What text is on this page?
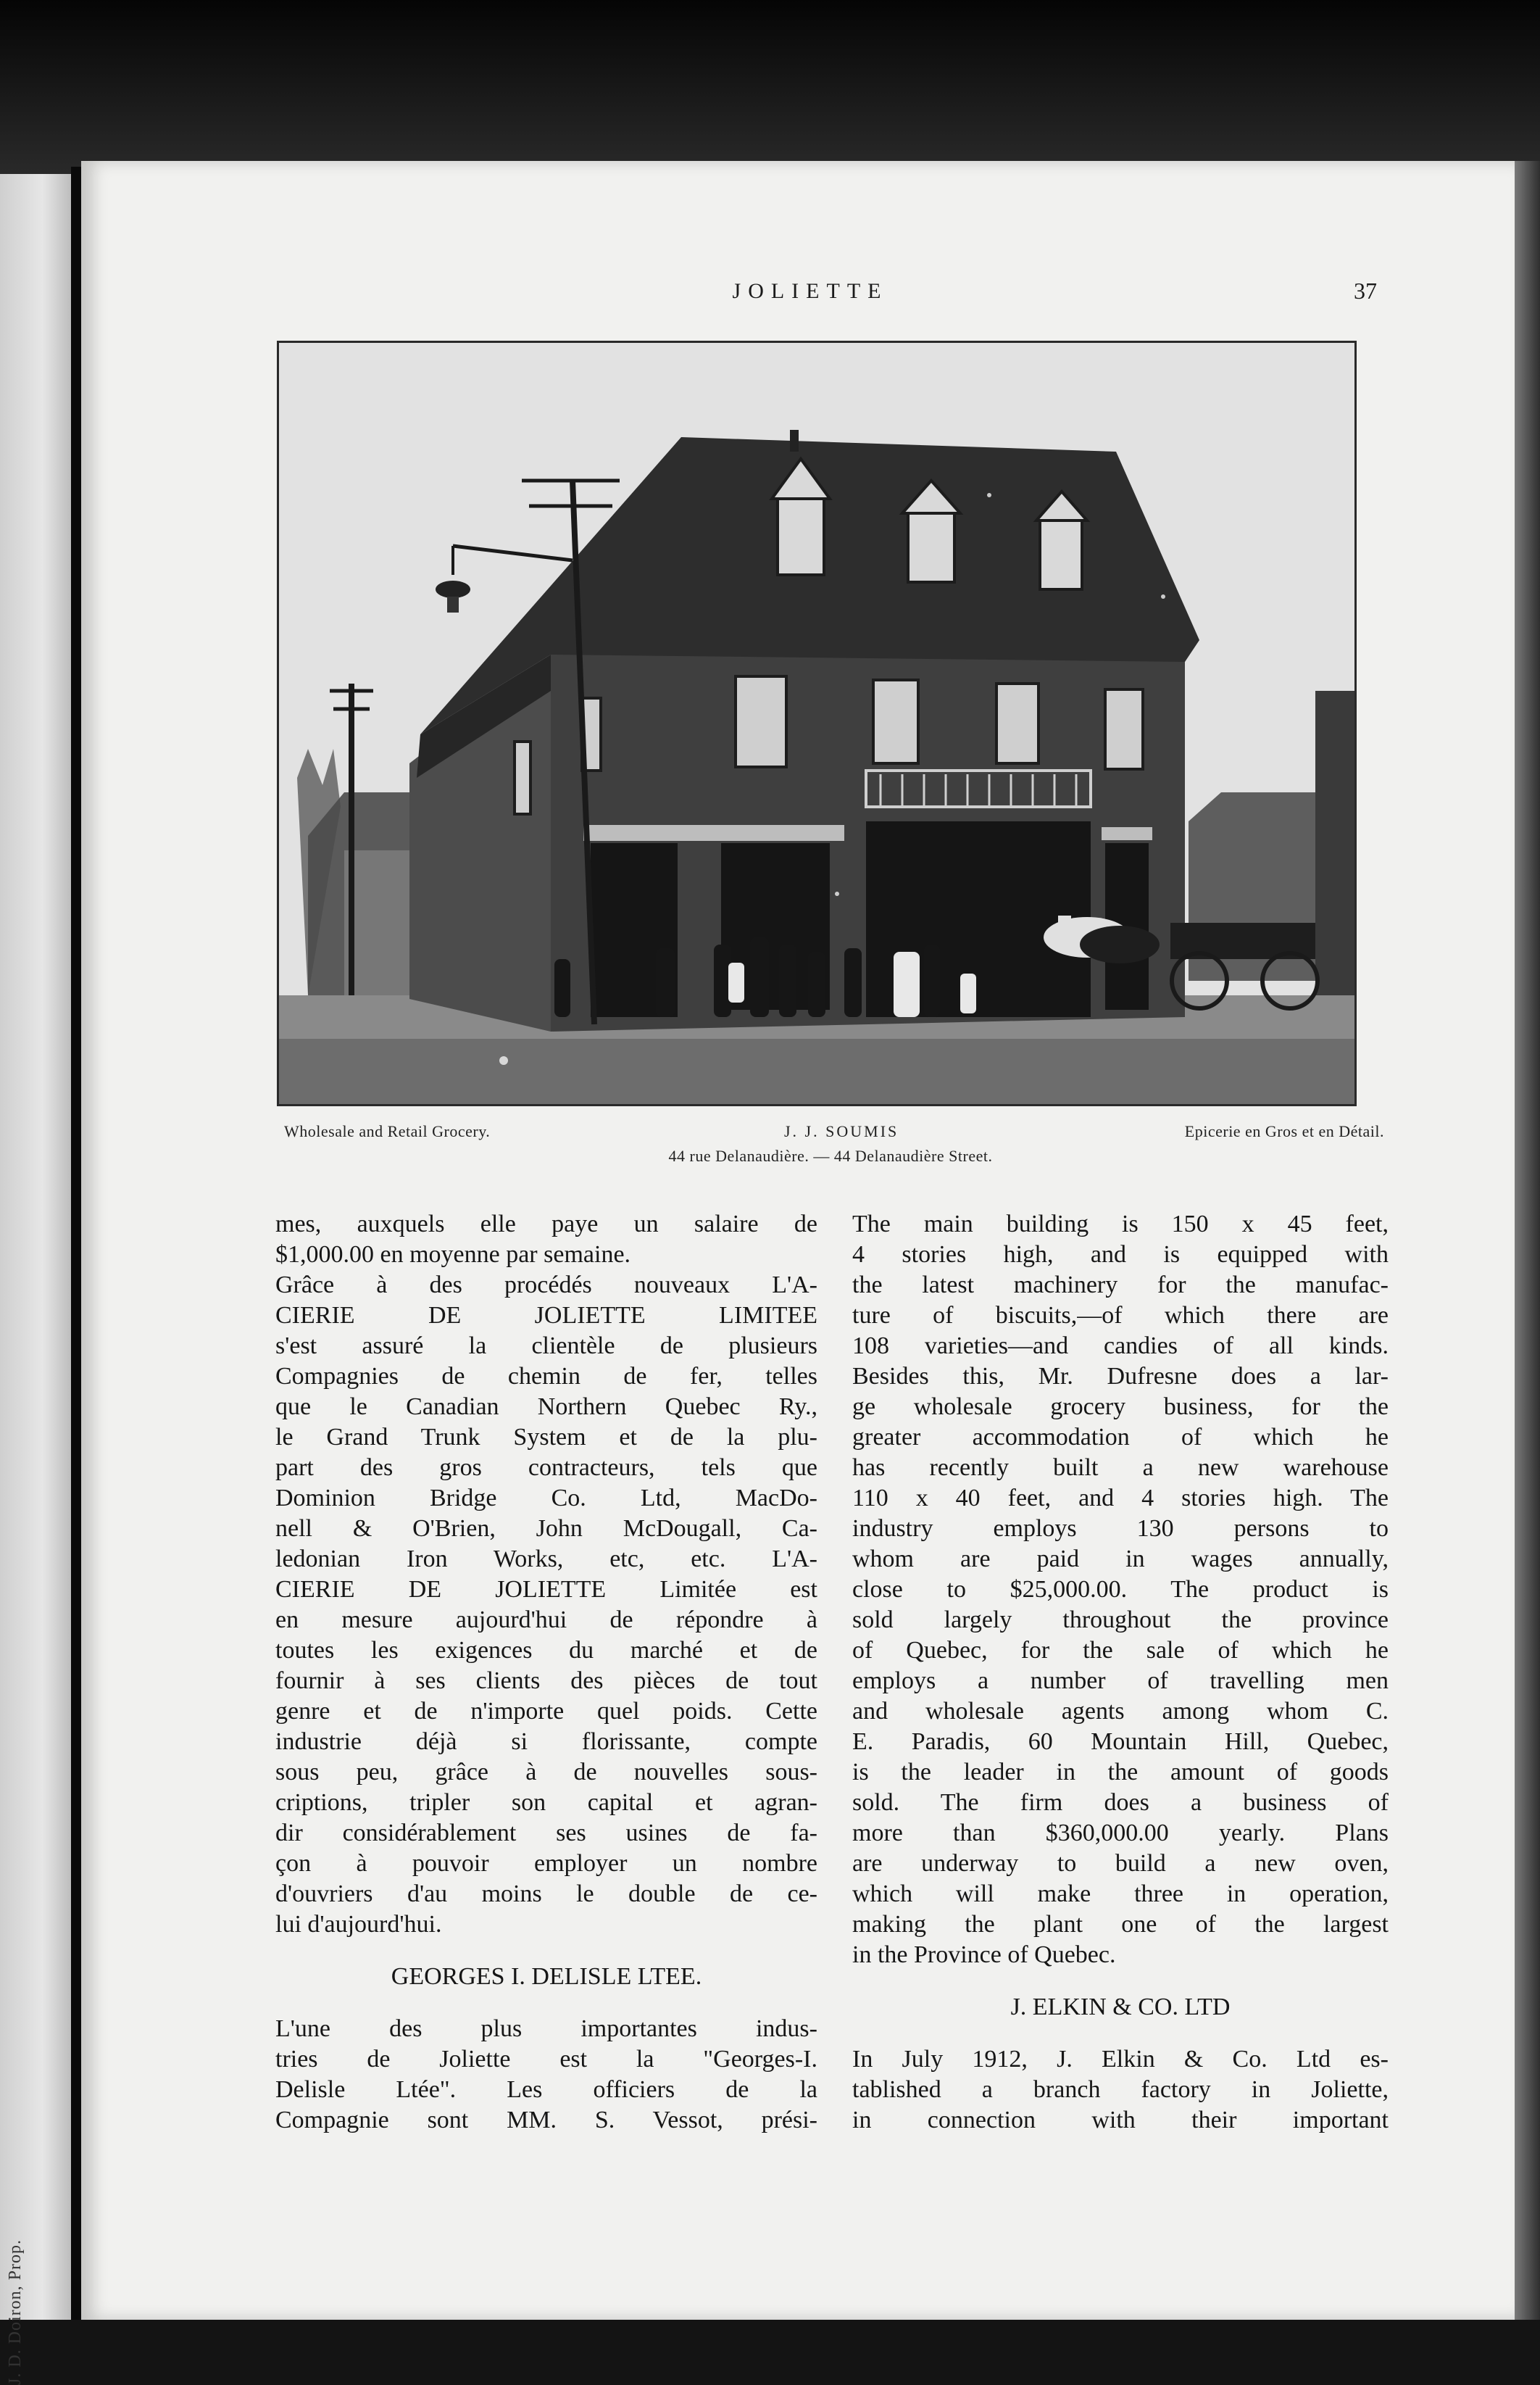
J. D. Doiron, Prop.
JOLIETTE	37
Wholesale and Retail Grocery.	J. J. SOUMIS	Epicerie en Gros et en Détail.
44 rue Delanaudière. — 44 Delanaudière Street.
mes, auxquels elle paye un salaire de
$1,000.00 en moyenne par semaine.
Grâce à des procédés nouveaux L'A-
CIERIE DE JOLIETTE LIMITEE
s'est assuré la clientèle de plusieurs
Compagnies de chemin de fer, telles
que le Canadian Northern Quebec Ry.,
le Grand Trunk System et de la plu-
part des gros contracteurs, tels que
Dominion Bridge Co. Ltd, MacDo-
nell & O'Brien, John McDougall, Ca-
ledonian Iron Works, etc, etc. L'A-
CIERIE DE JOLIETTE Limitée est
en mesure aujourd'hui de répondre à
toutes les exigences du marché et de
fournir à ses clients des pièces de tout
genre et de n'importe quel poids. Cette
industrie déjà si florissante, compte
sous peu, grâce à de nouvelles sous-
criptions, tripler son capital et agran-
dir considérablement ses usines de fa-
çon à pouvoir employer un nombre
d'ouvriers d'au moins le double de ce-
lui d'aujourd'hui.
GEORGES I. DELISLE LTEE.
L'une des plus importantes indus-
tries de Joliette est la "Georges-I.
Delisle Ltée". Les officiers de la
Compagnie sont MM. S. Vessot, prési-
The main building is 150 x 45 feet,
4 stories high, and is equipped with
the latest machinery for the manufac-
ture of biscuits,—of which there are
108 varieties—and candies of all kinds.
Besides this, Mr. Dufresne does a lar-
ge wholesale grocery business, for the
greater accommodation of which he
has recently built a new warehouse
110 x 40 feet, and 4 stories high. The
industry employs 130 persons to
whom are paid in wages annually,
close to $25,000.00. The product is
sold largely throughout the province
of Quebec, for the sale of which he
employs a number of travelling men
and wholesale agents among whom C.
E. Paradis, 60 Mountain Hill, Quebec,
is the leader in the amount of goods
sold. The firm does a business of
more than $360,000.00 yearly. Plans
are underway to build a new oven,
which will make three in operation,
making the plant one of the largest
in the Province of Quebec.
J. ELKIN & CO. LTD
In July 1912, J. Elkin & Co. Ltd es-
tablished a branch factory in Joliette,
in connection with their important
